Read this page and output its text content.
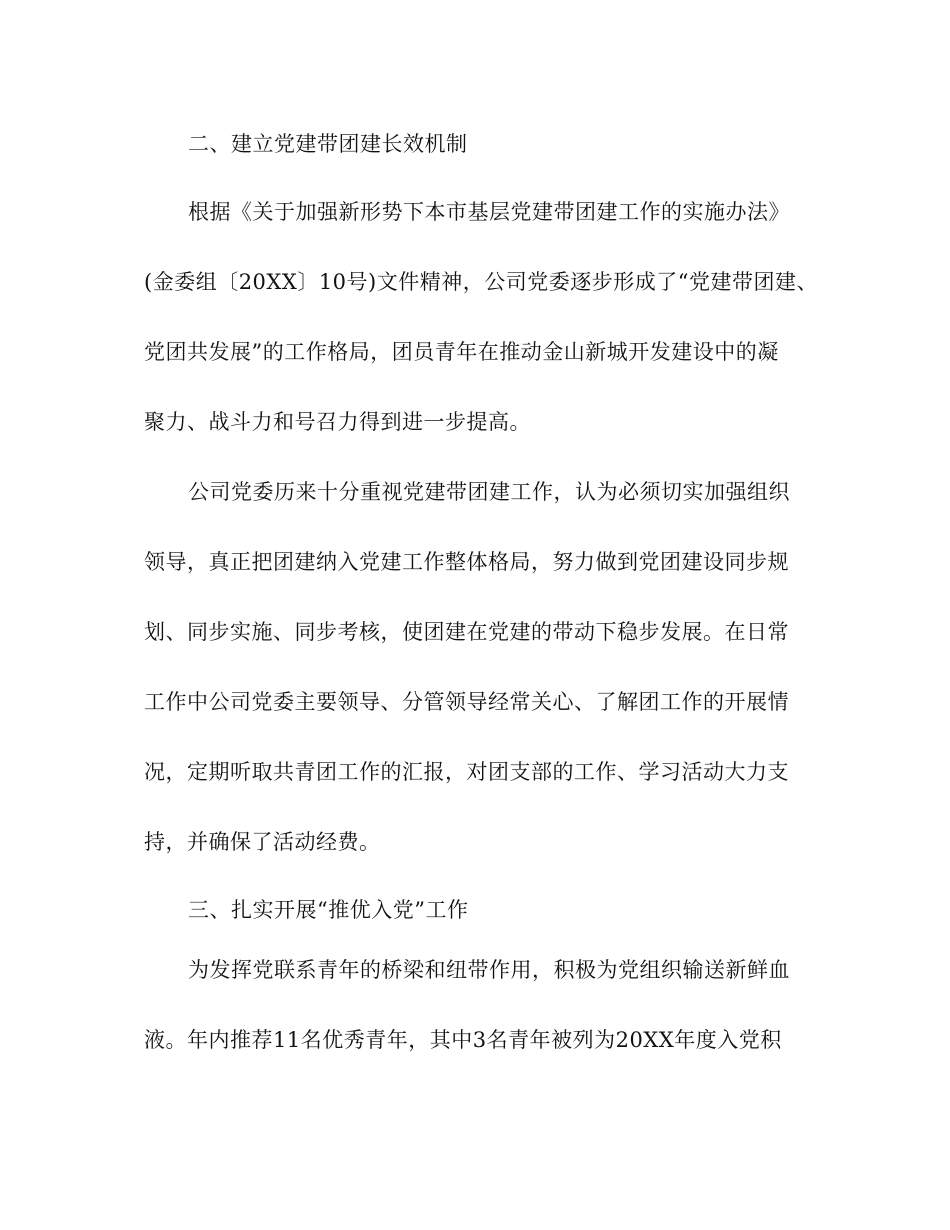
二、建立党建带团建长效机制
根据《关于加强新形势下本市基层党建带团建工作的实施办法》
(金委组〔20XX〕10号)文件精神，公司党委逐步形成了“党建带团建、
党团共发展”的工作格局，团员青年在推动金山新城开发建设中的凝
聚力、战斗力和号召力得到进一步提高。
公司党委历来十分重视党建带团建工作，认为必须切实加强组织
领导，真正把团建纳入党建工作整体格局，努力做到党团建设同步规
划、同步实施、同步考核，使团建在党建的带动下稳步发展。在日常
工作中公司党委主要领导、分管领导经常关心、了解团工作的开展情
况，定期听取共青团工作的汇报，对团支部的工作、学习活动大力支
持，并确保了活动经费。
三、扎实开展“推优入党”工作
为发挥党联系青年的桥梁和纽带作用，积极为党组织输送新鲜血
液。年内推荐11名优秀青年，其中3名青年被列为20XX年度入党积
